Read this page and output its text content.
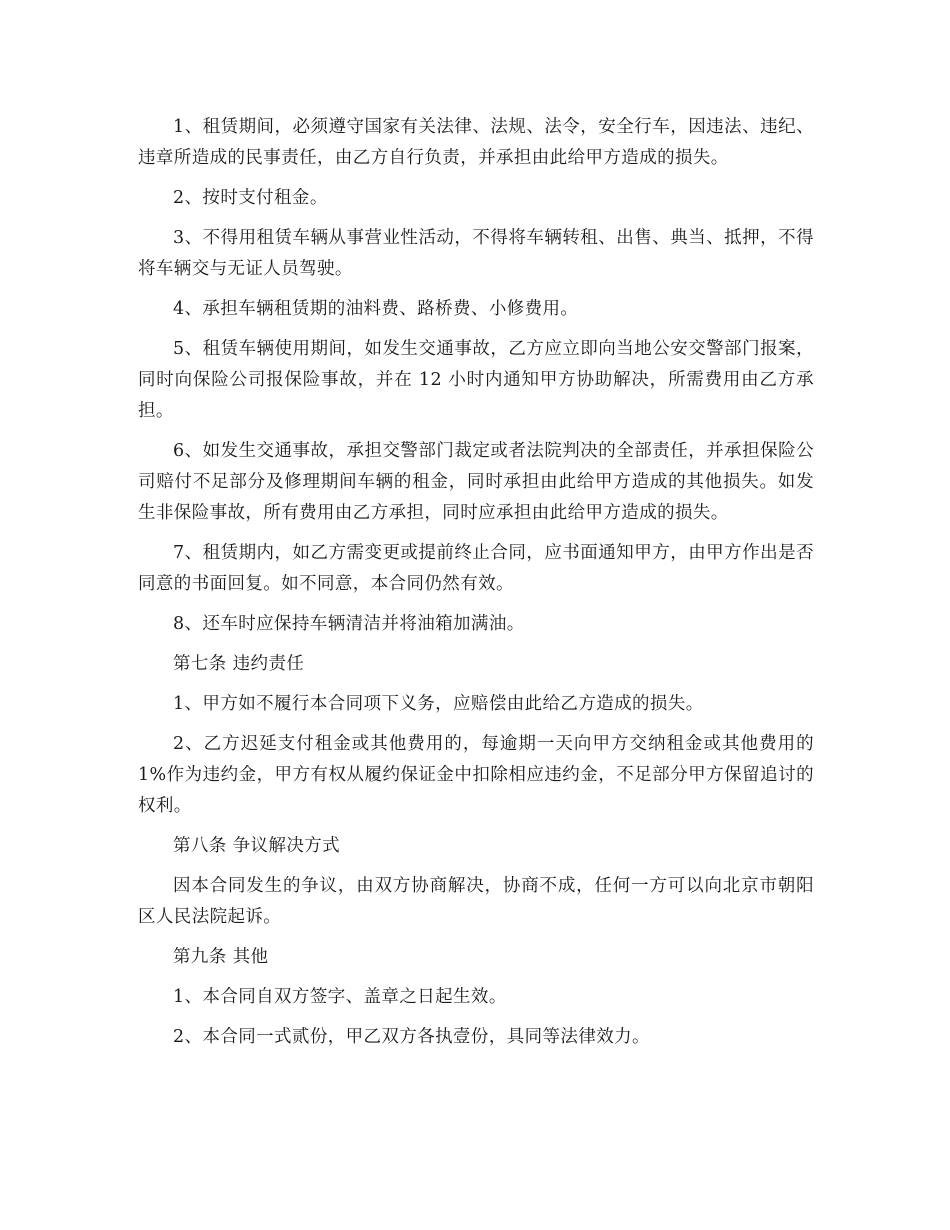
1、租赁期间，必须遵守国家有关法律、法规、法令，安全行车，因违法、违纪、违章所造成的民事责任，由乙方自行负责，并承担由此给甲方造成的损失。

2、按时支付租金。

3、不得用租赁车辆从事营业性活动，不得将车辆转租、出售、典当、抵押，不得将车辆交与无证人员驾驶。

4、承担车辆租赁期的油料费、路桥费、小修费用。

5、租赁车辆使用期间，如发生交通事故，乙方应立即向当地公安交警部门报案，同时向保险公司报保险事故，并在 12 小时内通知甲方协助解决，所需费用由乙方承担。

6、如发生交通事故，承担交警部门裁定或者法院判决的全部责任，并承担保险公司赔付不足部分及修理期间车辆的租金，同时承担由此给甲方造成的其他损失。如发生非保险事故，所有费用由乙方承担，同时应承担由此给甲方造成的损失。

7、租赁期内，如乙方需变更或提前终止合同，应书面通知甲方，由甲方作出是否同意的书面回复。如不同意，本合同仍然有效。

8、还车时应保持车辆清洁并将油箱加满油。

第七条 违约责任

1、甲方如不履行本合同项下义务，应赔偿由此给乙方造成的损失。

2、乙方迟延支付租金或其他费用的，每逾期一天向甲方交纳租金或其他费用的 1%作为违约金，甲方有权从履约保证金中扣除相应违约金，不足部分甲方保留追讨的权利。

第八条 争议解决方式

因本合同发生的争议，由双方协商解决，协商不成，任何一方可以向北京市朝阳区人民法院起诉。

第九条 其他

1、本合同自双方签字、盖章之日起生效。

2、本合同一式贰份，甲乙双方各执壹份，具同等法律效力。
